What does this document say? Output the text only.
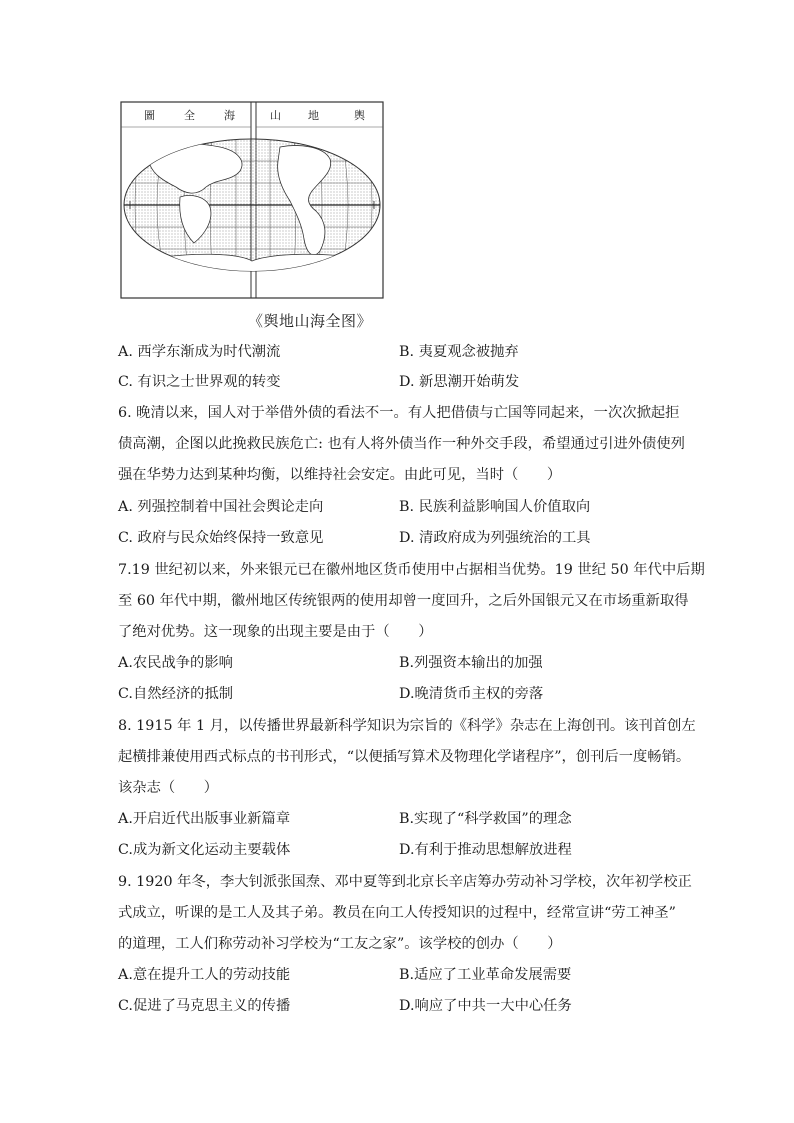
圖	全	海	山 地	輿
《舆地山海全图》
A. 西学东渐成为时代潮流	B. 夷夏观念被抛弃
C. 有识之士世界观的转变	D. 新思潮开始萌发
6. 晚清以来，国人对于举借外债的看法不一。有人把借债与亡国等同起来，一次次掀起拒
债高潮，企图以此挽救民族危亡: 也有人将外债当作一种外交手段，希望通过引进外债使列
强在华势力达到某种均衡，以维持社会安定。由此可见，当时（　　）
A. 列强控制着中国社会舆论走向	B. 民族利益影响国人价值取向
C. 政府与民众始终保持一致意见	D. 清政府成为列强统治的工具
7.19 世纪初以来，外来银元已在徽州地区货币使用中占据相当优势。19 世纪 50 年代中后期
至 60 年代中期，徽州地区传统银两的使用却曾一度回升，之后外国银元又在市场重新取得
了绝对优势。这一现象的出现主要是由于（　　）
A.农民战争的影响	B.列强资本输出的加强
C.自然经济的抵制	D.晚清货币主权的旁落
8. 1915 年 1 月，以传播世界最新科学知识为宗旨的《科学》杂志在上海创刊。该刊首创左
起横排兼使用西式标点的书刊形式，“以便插写算术及物理化学诸程序”，创刊后一度畅销。
该杂志（　　）
A.开启近代出版事业新篇章	B.实现了“科学救国”的理念
C.成为新文化运动主要载体	D.有利于推动思想解放进程
9. 1920 年冬，李大钊派张国焘、邓中夏等到北京长辛店筹办劳动补习学校，次年初学校正
式成立，听课的是工人及其子弟。教员在向工人传授知识的过程中，经常宣讲“劳工神圣”
的道理，工人们称劳动补习学校为“工友之家”。该学校的创办（　　）
A.意在提升工人的劳动技能	B.适应了工业革命发展需要
C.促进了马克思主义的传播	D.响应了中共一大中心任务
